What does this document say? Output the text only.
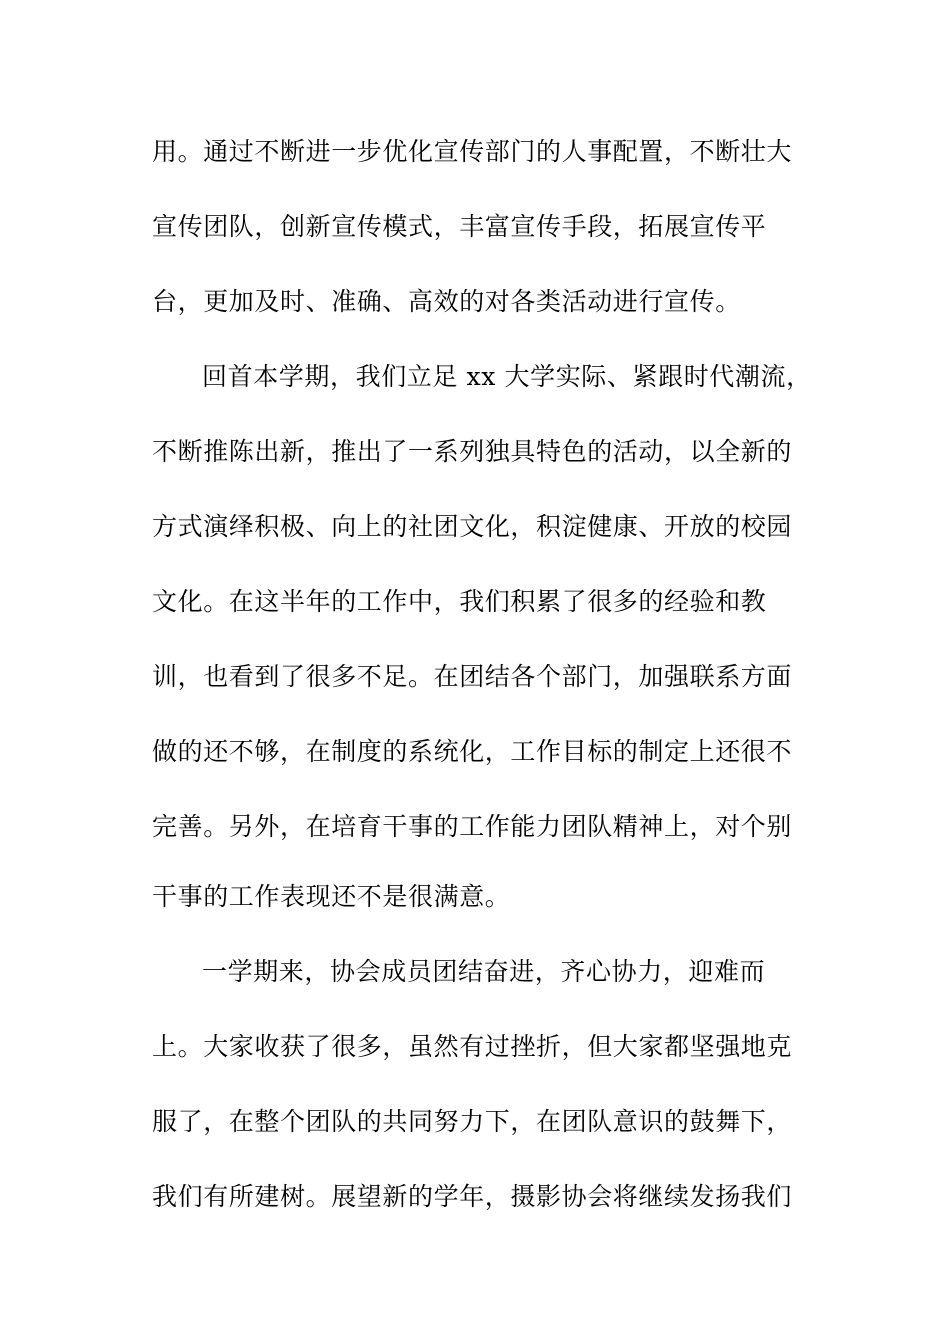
用。通过不断进一步优化宣传部门的人事配置，不断壮大
宣传团队，创新宣传模式，丰富宣传手段，拓展宣传平
台，更加及时、准确、高效的对各类活动进行宣传。
回首本学期，我们立足 xx 大学实际、紧跟时代潮流，
不断推陈出新，推出了一系列独具特色的活动，以全新的
方式演绎积极、向上的社团文化，积淀健康、开放的校园
文化。在这半年的工作中，我们积累了很多的经验和教
训，也看到了很多不足。在团结各个部门，加强联系方面
做的还不够，在制度的系统化，工作目标的制定上还很不
完善。另外，在培育干事的工作能力团队精神上，对个别
干事的工作表现还不是很满意。
一学期来，协会成员团结奋进，齐心协力，迎难而
上。大家收获了很多，虽然有过挫折，但大家都坚强地克
服了，在整个团队的共同努力下，在团队意识的鼓舞下，
我们有所建树。展望新的学年，摄影协会将继续发扬我们
